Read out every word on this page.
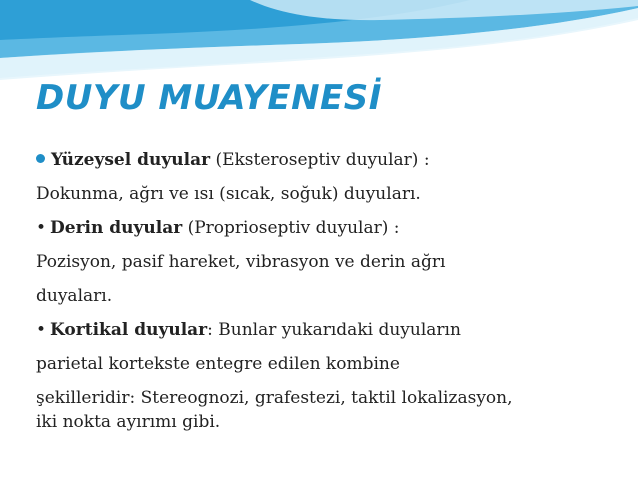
DUYU MUAYENESİ
Yüzeysel duyular (Eksteroseptiv duyular) :
Dokunma, ağrı ve ısı (sıcak, soğuk) duyuları.
• Derin duyular (Proprioseptiv duyular) :
Pozisyon, pasif hareket, vibrasyon ve derin ağrı
duyaları.
• Kortikal duyular: Bunlar yukarıdaki duyuların
parietal kortekste entegre edilen kombine
şekilleridir: Stereognozi, grafestezi, taktil lokalizasyon,
iki nokta ayırımı gibi.
